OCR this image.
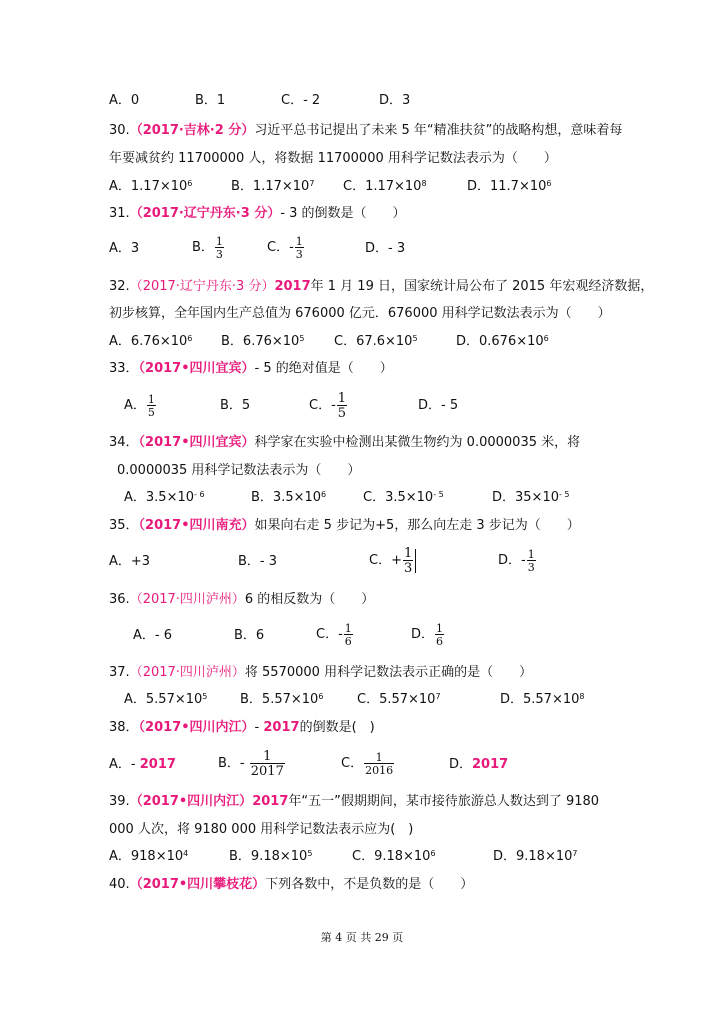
A．0	B．1	C．- 2	D．3
30.（2017·吉林·2 分）习近平总书记提出了未来 5 年“精准扶贫”的战略构想，意味着每
年要减贫约 11700000 人，将数据 11700000 用科学记数法表示为（　　）
A．$1.17\times 10^6$	B．$1.17\times 10^7$ C．$1.17\times 10^8$	D．$11.7\times 10^6$
31.（2017·辽宁丹东·3 分）- 3 的倒数是（　　）
A．3	B． $\frac{1}{3}$	C．- $\frac{1}{3}$	D．- 3
32.（2017·辽宁丹东·3 分）2017年 1 月 19 日，国家统计局公布了 2015 年宏观经济数据，
初步核算，全年国内生产总值为 676000 亿元．676000 用科学记数法表示为（　　）
A．$6.76\times 10^6$ B．$6.76\times 10^5$ C．$67.6\times 10^5$	D．$0.676\times 10^6$
33．（2017•四川宜宾）- 5 的绝对值是（　　）
A． $\frac{1}{5}$	B．5	C．- $\frac{1}{5}$	D．- 5
34．（2017•四川宜宾）科学家在实验中检测出某微生物约为 0.0000035 米，将
0.0000035 用科学记数法表示为（　　）
A．$3.5\times 10^{- 6}$	B．$3.5\times 10^6$	C．$3.5\times 10^{- 5}$	D．$35\times 10^{- 5}$
35．（2017•四川南充）如果向右走 5 步记为+5，那么向左走 3 步记为（　　）
A．+3	B．- 3	C．+ $\frac{1}{3}$	D．- $\frac{1}{3}$
36.（2017·四川泸州）6 的相反数为（　　）
A．- 6	B．6	C．- $\frac{1}{6}$	D． $\frac{1}{6}$
37.（2017·四川泸州）将 5570000 用科学记数法表示正确的是（　　）
A．$5.57\times 10^5$	B．$5.57\times 10^6$	C．$5.57\times 10^7$	D．$5.57\times 10^8$
38．（2017•四川内江）- 2017的倒数是(　)
A．- 2017	B．- $\frac{1}{2017}$	C． $\frac{1}{2016}$	D．2017
39.（2017•四川内江）2017年“五一”假期期间，某市接待旅游总人数达到了 9180
000 人次，将 9180 000 用科学记数法表示应为(　)
A．$918\times 10^4$	B．$9.18\times 10^5$	C．$9.18\times 10^6$	D．$9.18\times 10^7$
40.（2017•四川攀枝花）下列各数中，不是负数的是（　　）
第 4 页 共 29 页
